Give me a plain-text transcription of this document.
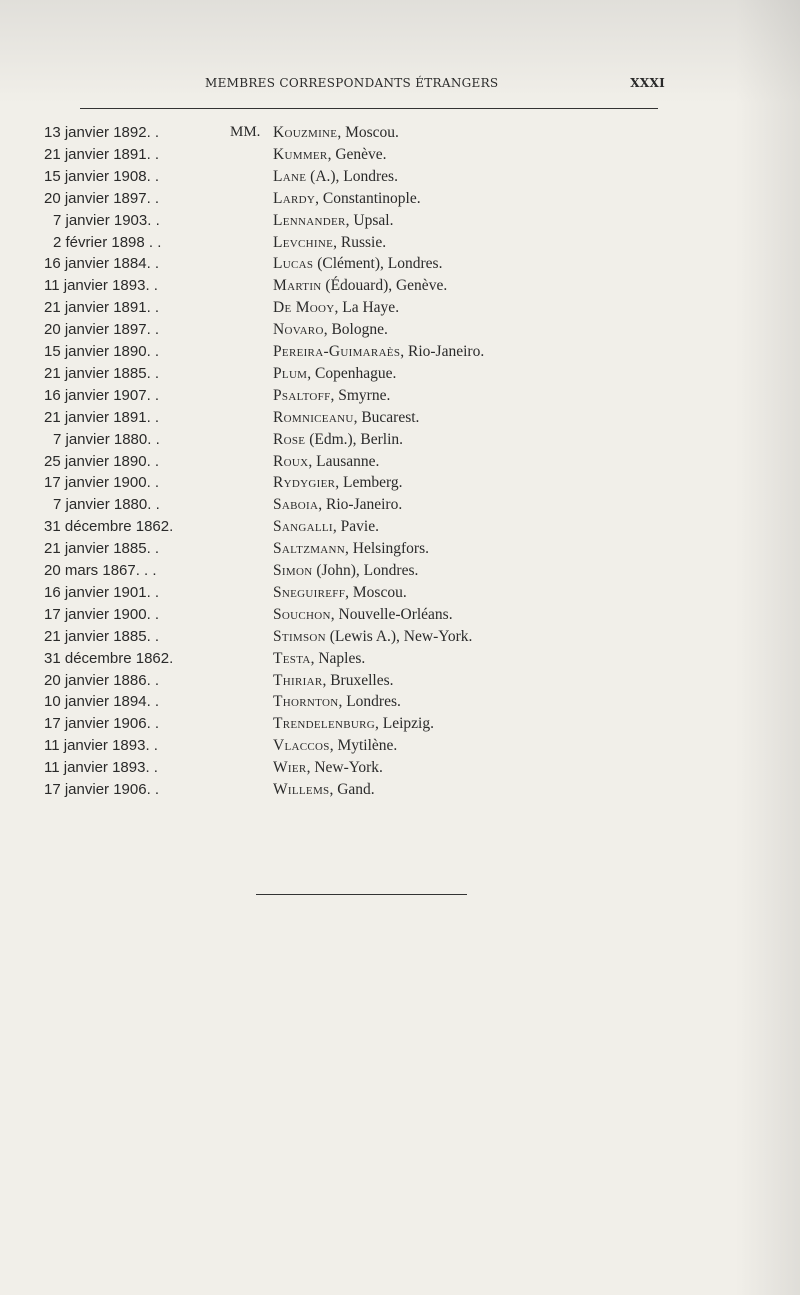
MEMBRES CORRESPONDANTS ÉTRANGERS	XXXI
13 janvier 1892. .	MM. Kouzmine, Moscou.
21 janvier 1891. .	Kummer, Genève.
15 janvier 1908. .	Lane (A.), Londres.
20 janvier 1897. .	Lardy, Constantinople.
7 janvier 1903. .	Lennander, Upsal.
2 février 1898 . .	Levchine, Russie.
16 janvier 1884. .	Lucas (Clément), Londres.
11 janvier 1893. .	Martin (Édouard), Genève.
21 janvier 1891. .	De Mooy, La Haye.
20 janvier 1897. .	Novaro, Bologne.
15 janvier 1890. .	Pereira-Guimaraès, Rio-Janeiro.
21 janvier 1885. .	Plum, Copenhague.
16 janvier 1907. .	Psaltoff, Smyrne.
21 janvier 1891. .	Romniceanu, Bucarest.
7 janvier 1880. .	Rose (Edm.), Berlin.
25 janvier 1890. .	Roux, Lausanne.
17 janvier 1900. .	Rydygier, Lemberg.
7 janvier 1880. .	Saboia, Rio-Janeiro.
31 décembre 1862.	Sangalli, Pavie.
21 janvier 1885. .	Saltzmann, Helsingfors.
20 mars 1867. . .	Simon (John), Londres.
16 janvier 1901. .	Sneguireff, Moscou.
17 janvier 1900. .	Souchon, Nouvelle-Orléans.
21 janvier 1885. .	Stimson (Lewis A.), New-York.
31 décembre 1862.	Testa, Naples.
20 janvier 1886. .	Thiriar, Bruxelles.
10 janvier 1894. .	Thornton, Londres.
17 janvier 1906. .	Trendelenburg, Leipzig.
11 janvier 1893. .	Vlaccos, Mytilène.
11 janvier 1893. .	Wier, New-York.
17 janvier 1906. .	Willems, Gand.
